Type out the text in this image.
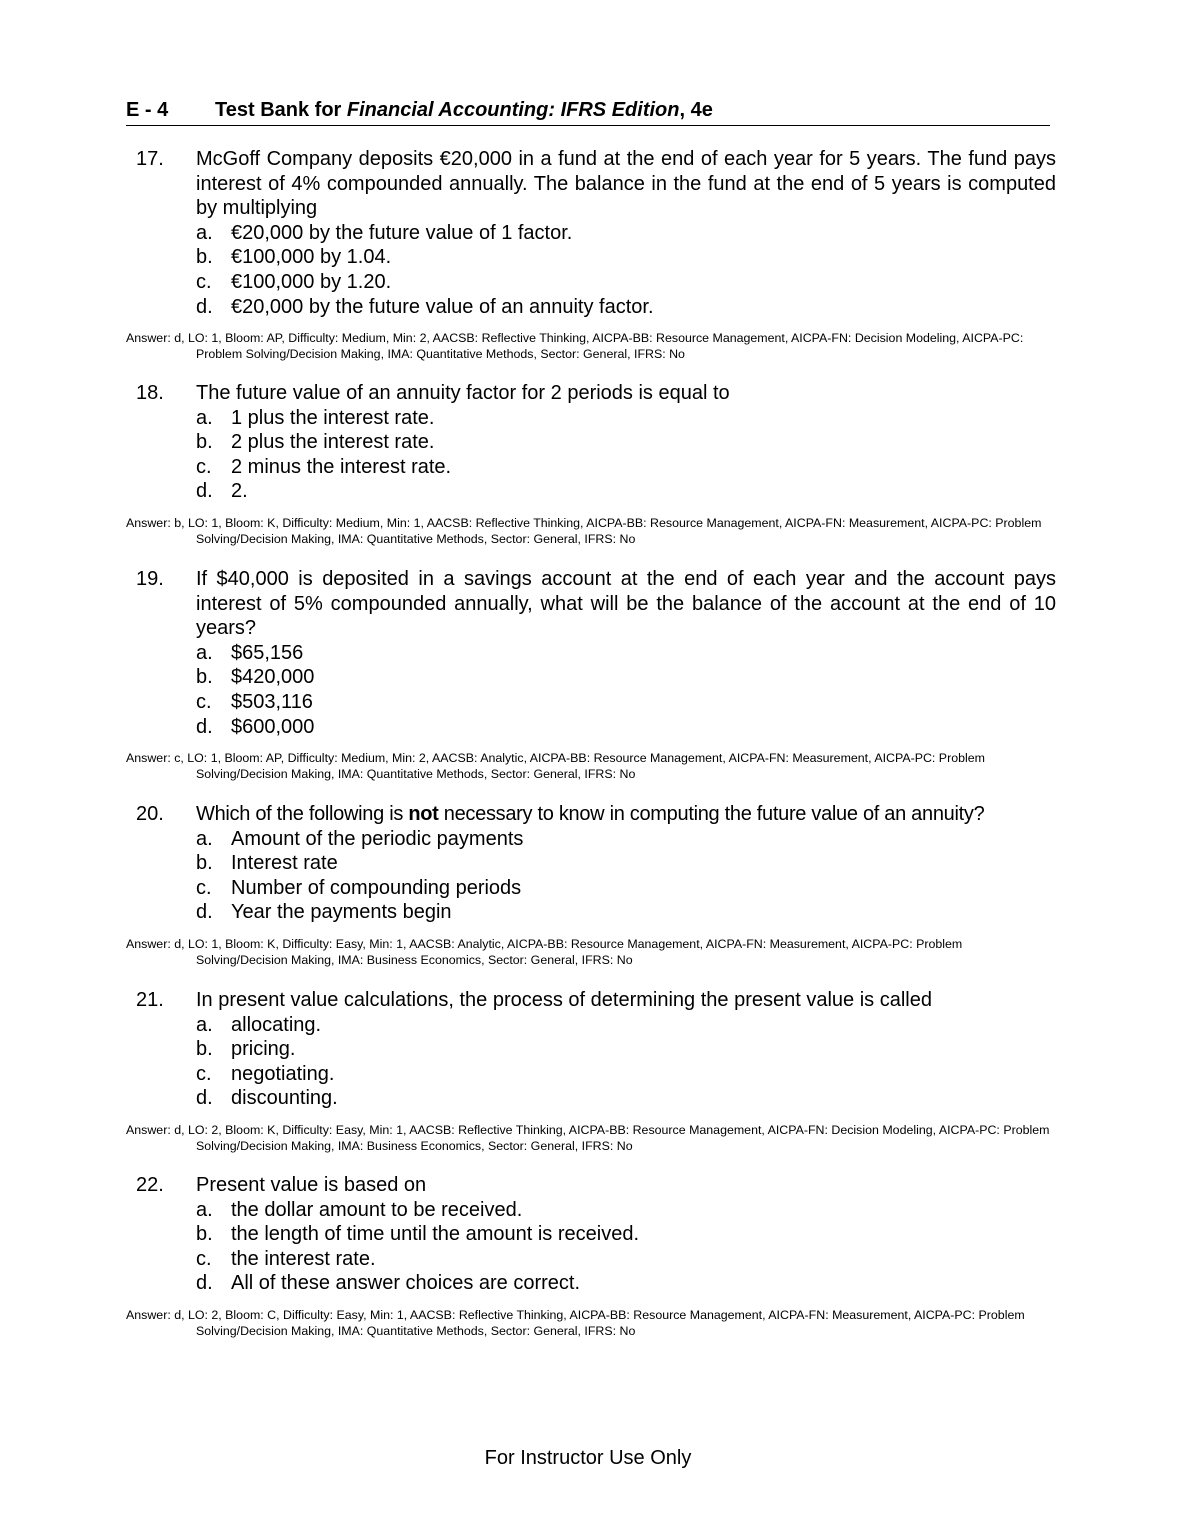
E - 4 Test Bank for Financial Accounting: IFRS Edition, 4e
17.	McGoff Company deposits €20,000 in a fund at the end of each year for 5 years. The fund pays interest of 4% compounded annually. The balance in the fund at the end of 5 years is computed by multiplying
a. €20,000 by the future value of 1 factor.
b. €100,000 by 1.04.
c. €100,000 by 1.20.
d. €20,000 by the future value of an annuity factor.
Answer: d, LO: 1, Bloom: AP, Difficulty: Medium, Min: 2, AACSB: Reflective Thinking, AICPA-BB: Resource Management, AICPA-FN: Decision Modeling, AICPA-PC: Problem Solving/Decision Making, IMA: Quantitative Methods, Sector: General, IFRS: No
18.	The future value of an annuity factor for 2 periods is equal to
a. 1 plus the interest rate.
b. 2 plus the interest rate.
c. 2 minus the interest rate.
d. 2.
Answer: b, LO: 1, Bloom: K, Difficulty: Medium, Min: 1, AACSB: Reflective Thinking, AICPA-BB: Resource Management, AICPA-FN: Measurement, AICPA-PC: Problem Solving/Decision Making, IMA: Quantitative Methods, Sector: General, IFRS: No
19.	If $40,000 is deposited in a savings account at the end of each year and the account pays interest of 5% compounded annually, what will be the balance of the account at the end of 10 years?
a. $65,156
b. $420,000
c. $503,116
d. $600,000
Answer: c, LO: 1, Bloom: AP, Difficulty: Medium, Min: 2, AACSB: Analytic, AICPA-BB: Resource Management, AICPA-FN: Measurement, AICPA-PC: Problem Solving/Decision Making, IMA: Quantitative Methods, Sector: General, IFRS: No
20.	Which of the following is not necessary to know in computing the future value of an annuity?
a. Amount of the periodic payments
b. Interest rate
c. Number of compounding periods
d. Year the payments begin
Answer: d, LO: 1, Bloom: K, Difficulty: Easy, Min: 1, AACSB: Analytic, AICPA-BB: Resource Management, AICPA-FN: Measurement, AICPA-PC: Problem Solving/Decision Making, IMA: Business Economics, Sector: General, IFRS: No
21.	In present value calculations, the process of determining the present value is called
a. allocating.
b. pricing.
c. negotiating.
d. discounting.
Answer: d, LO: 2, Bloom: K, Difficulty: Easy, Min: 1, AACSB: Reflective Thinking, AICPA-BB: Resource Management, AICPA-FN: Decision Modeling, AICPA-PC: Problem Solving/Decision Making, IMA: Business Economics, Sector: General, IFRS: No
22.	Present value is based on
a. the dollar amount to be received.
b. the length of time until the amount is received.
c. the interest rate.
d. All of these answer choices are correct.
Answer: d, LO: 2, Bloom: C, Difficulty: Easy, Min: 1, AACSB: Reflective Thinking, AICPA-BB: Resource Management, AICPA-FN: Measurement, AICPA-PC: Problem Solving/Decision Making, IMA: Quantitative Methods, Sector: General, IFRS: No
For Instructor Use Only
